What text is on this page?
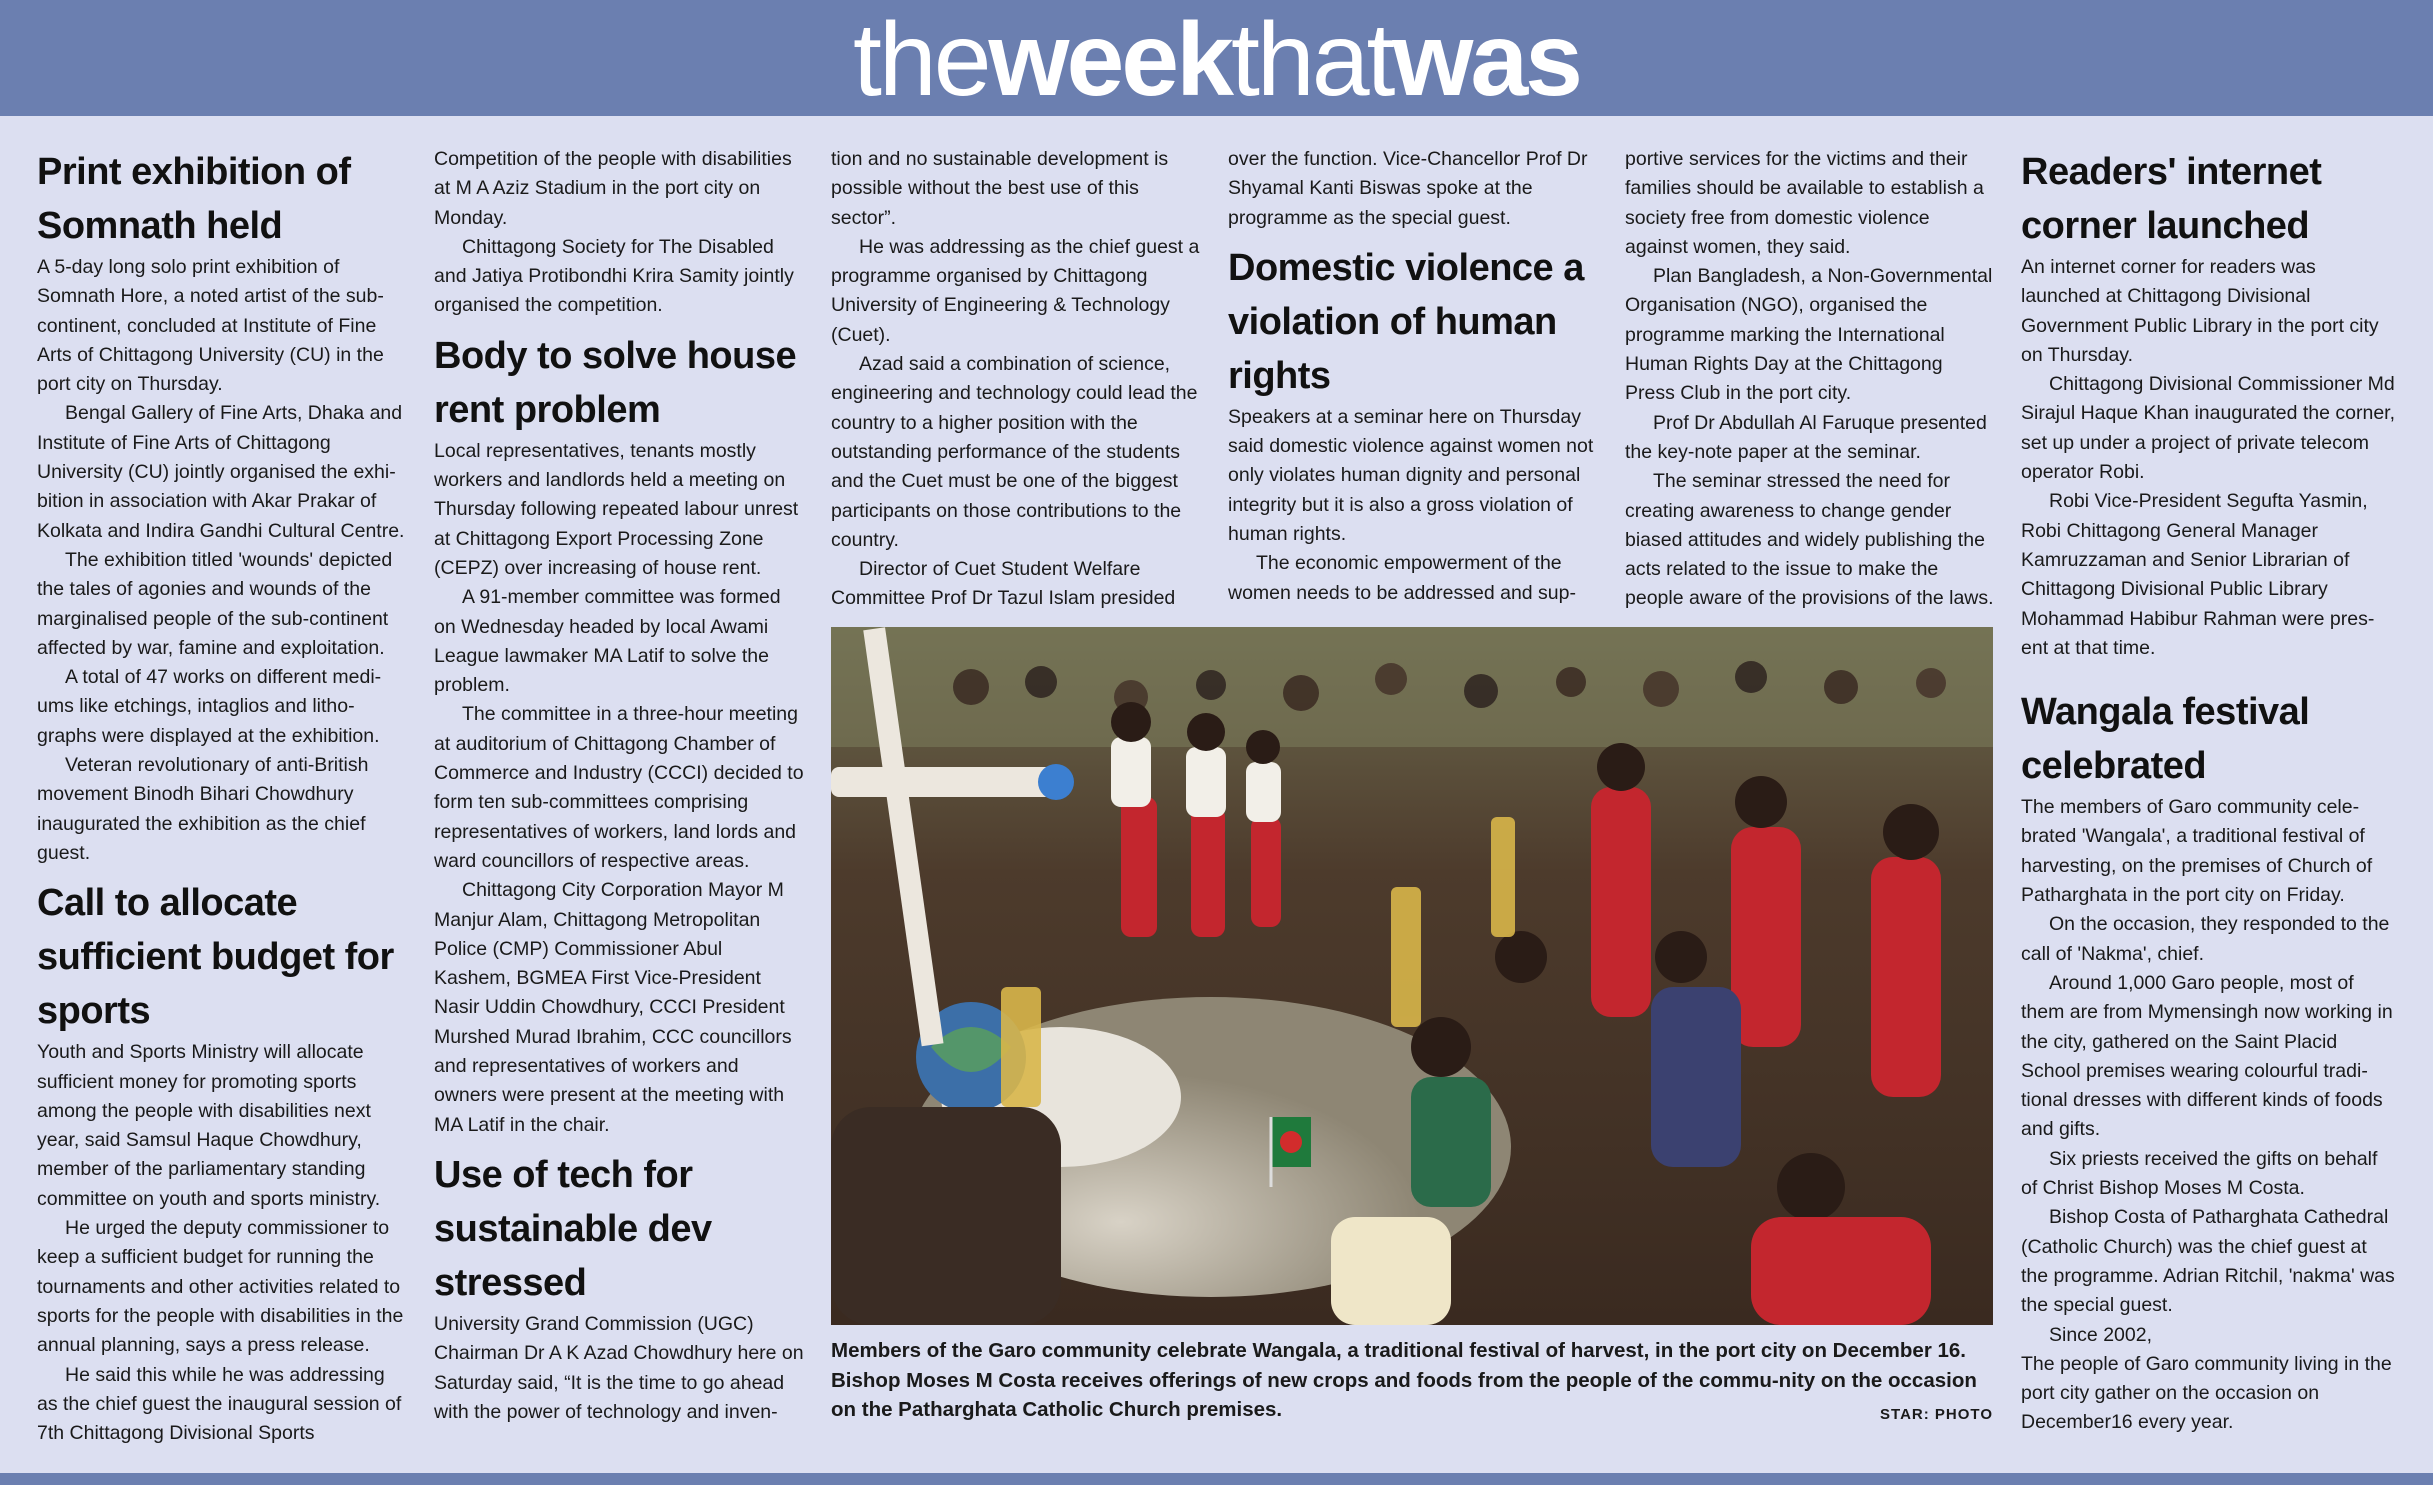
theweekthatwas
Print exhibition of Somnath held

A 5-day long solo print exhibition of Somnath Hore, a noted artist of the sub-continent, concluded at Institute of Fine Arts of Chittagong University (CU) in the port city on Thursday.

Bengal Gallery of Fine Arts, Dhaka and Institute of Fine Arts of Chittagong University (CU) jointly organised the exhi-bition in association with Akar Prakar of Kolkata and Indira Gandhi Cultural Centre.

The exhibition titled 'wounds' depicted the tales of agonies and wounds of the marginalised people of the sub-continent affected by war, famine and exploitation.

A total of 47 works on different medi-ums like etchings, intaglios and litho-graphs were displayed at the exhibition.

Veteran revolutionary of anti-British movement Binodh Bihari Chowdhury inaugurated the exhibition as the chief guest.

Call to allocate sufficient budget for sports

Youth and Sports Ministry will allocate sufficient money for promoting sports among the people with disabilities next year, said Samsul Haque Chowdhury, member of the parliamentary standing committee on youth and sports ministry.

He urged the deputy commissioner to keep a sufficient budget for running the tournaments and other activities related to sports for the people with disabilities in the annual planning, says a press release.

He said this while he was addressing as the chief guest the inaugural session of 7th Chittagong Divisional Sports

Competition of the people with disabilities at M A Aziz Stadium in the port city on Monday.

Chittagong Society for The Disabled and Jatiya Protibondhi Krira Samity jointly organised the competition.

Body to solve house rent problem

Local representatives, tenants mostly workers and landlords held a meeting on Thursday following repeated labour unrest at Chittagong Export Processing Zone (CEPZ) over increasing of house rent.

A 91-member committee was formed on Wednesday headed by local Awami League lawmaker MA Latif to solve the problem.

The committee in a three-hour meeting at auditorium of Chittagong Chamber of Commerce and Industry (CCCI) decided to form ten sub-committees comprising representatives of workers, land lords and ward councillors of respective areas.

Chittagong City Corporation Mayor M Manjur Alam, Chittagong Metropolitan Police (CMP) Commissioner Abul Kashem, BGMEA First Vice-President Nasir Uddin Chowdhury, CCCI President Murshed Murad Ibrahim, CCC councillors and representatives of workers and owners were present at the meeting with MA Latif in the chair.

Use of tech for sustainable dev stressed

University Grand Commission (UGC) Chairman Dr A K Azad Chowdhury here on Saturday said, “It is the time to go ahead with the power of technology and inven-

tion and no sustainable development is possible without the best use of this sector”.

He was addressing as the chief guest a programme organised by Chittagong University of Engineering & Technology (Cuet).

Azad said a combination of science, engineering and technology could lead the country to a higher position with the outstanding performance of the students and the Cuet must be one of the biggest participants on those contributions to the country.

Director of Cuet Student Welfare Committee Prof Dr Tazul Islam presided

over the function. Vice-Chancellor Prof Dr Shyamal Kanti Biswas spoke at the programme as the special guest.

Domestic violence a violation of human rights

Speakers at a seminar here on Thursday said domestic violence against women not only violates human dignity and personal integrity but it is also a gross violation of human rights.

The economic empowerment of the women needs to be addressed and sup-

portive services for the victims and their families should be available to establish a society free from domestic violence against women, they said.

Plan Bangladesh, a Non-Governmental Organisation (NGO), organised the programme marking the International Human Rights Day at the Chittagong Press Club in the port city.

Prof Dr Abdullah Al Faruque presented the key-note paper at the seminar.

The seminar stressed the need for creating awareness to change gender biased attitudes and widely publishing the acts related to the issue to make the people aware of the provisions of the laws.

Readers' internet corner launched

An internet corner for readers was launched at Chittagong Divisional Government Public Library in the port city on Thursday.

Chittagong Divisional Commissioner Md Sirajul Haque Khan inaugurated the corner, set up under a project of private telecom operator Robi.

Robi Vice-President Segufta Yasmin, Robi Chittagong General Manager Kamruzzaman and Senior Librarian of Chittagong Divisional Public Library Mohammad Habibur Rahman were pres-ent at that time.

Wangala festival celebrated

The members of Garo community cele-brated 'Wangala', a traditional festival of harvesting, on the premises of Church of Patharghata in the port city on Friday.

On the occasion, they responded to the call of 'Nakma', chief.

Around 1,000 Garo people, most of them are from Mymensingh now working in the city, gathered on the Saint Placid School premises wearing colourful tradi-tional dresses with different kinds of foods and gifts.

Six priests received the gifts on behalf of Christ Bishop Moses M Costa.

Bishop Costa of Patharghata Cathedral (Catholic Church) was the chief guest at the programme. Adrian Ritchil, 'nakma' was the special guest.

Since 2002,

The people of Garo community living in the port city gather on the occasion on December16 every year.

Members of the Garo community celebrate Wangala, a traditional festival of harvest, in the port city on December 16. Bishop Moses M Costa receives offerings of new crops and foods from the people of the commu-nity on the occasion on the Patharghata Catholic Church premises.	STAR: PHOTO
